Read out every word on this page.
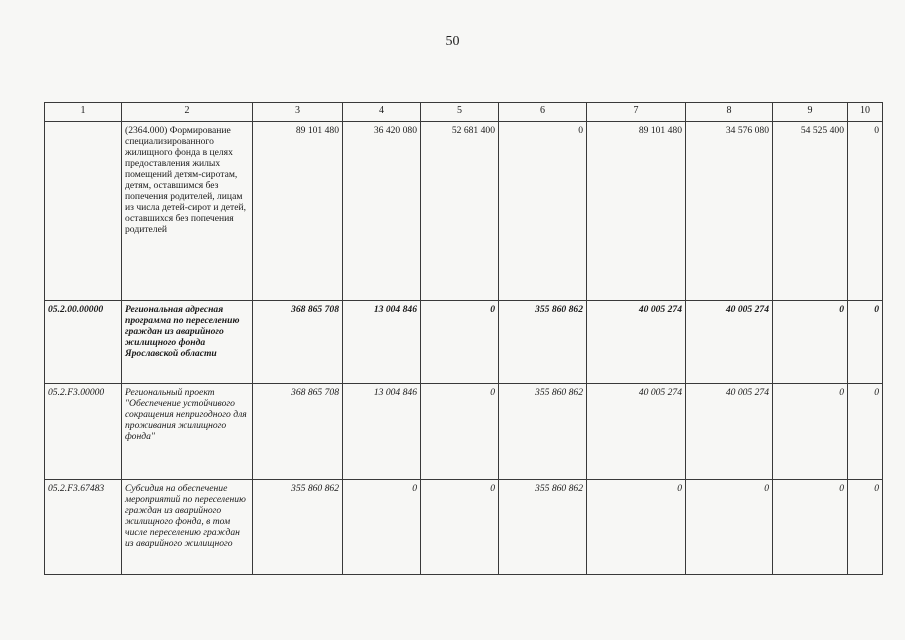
50
1	2	3	4	5	6	7	8	9	10
	(2364.000) Формирование специализированного жилищного фонда в целях предоставления жилых помещений детям-сиротам, детям, оставшимся без попечения родителей, лицам из числа детей-сирот и детей, оставшихся без попечения родителей	89 101 480	36 420 080	52 681 400	0	89 101 480	34 576 080	54 525 400	0
05.2.00.00000	Региональная адресная программа по переселению граждан из аварийного жилищного фонда Ярославской области	368 865 708	13 004 846	0	355 860 862	40 005 274	40 005 274	0	0
05.2.F3.00000	Региональный проект "Обеспечение устойчивого сокращения непригодного для проживания жилищного фонда"	368 865 708	13 004 846	0	355 860 862	40 005 274	40 005 274	0	0
05.2.F3.67483	Субсидия на обеспечение мероприятий по переселению граждан из аварийного жилищного фонда, в том числе переселению граждан из аварийного жилищного	355 860 862	0	0	355 860 862	0	0	0	0
